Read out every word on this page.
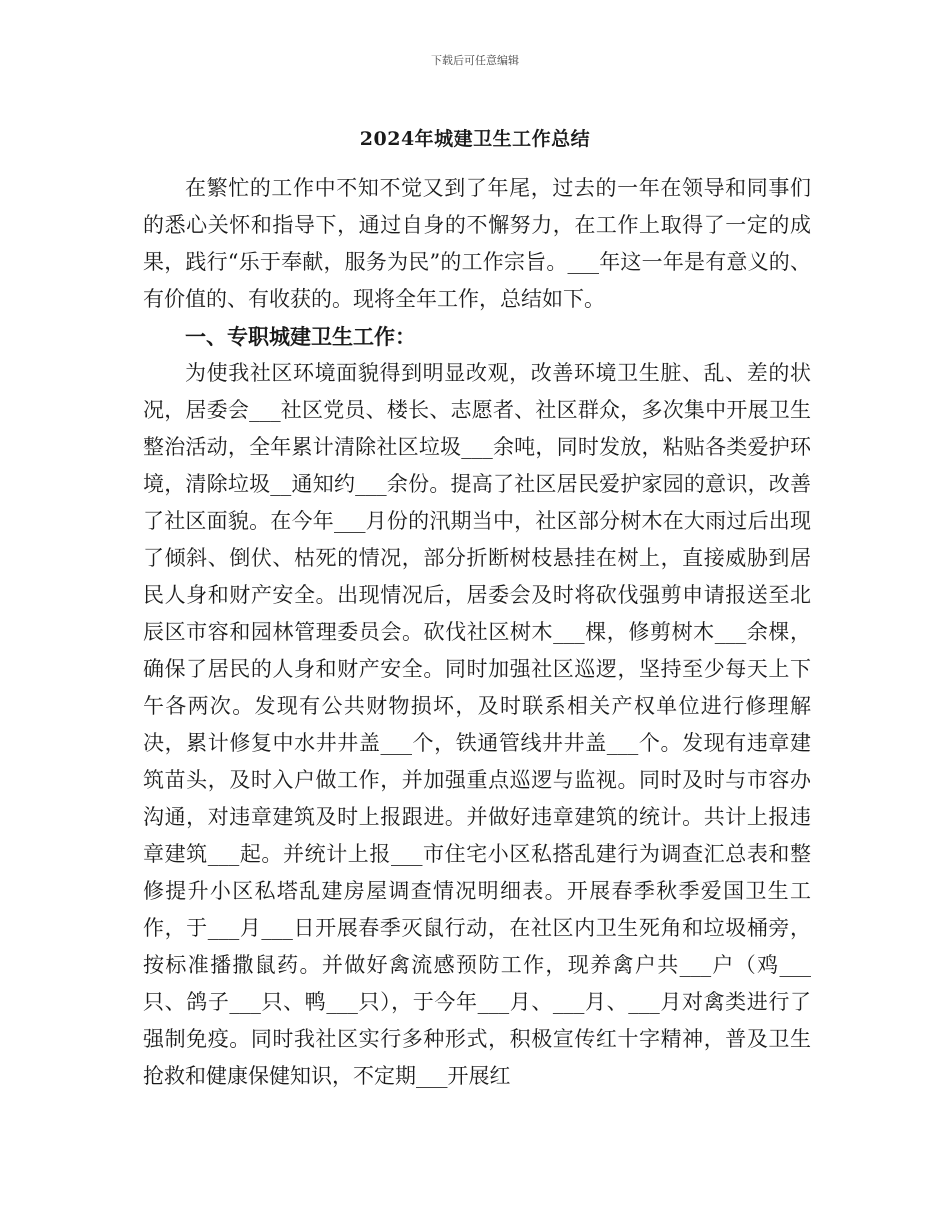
下载后可任意编辑
2024年城建卫生工作总结

在繁忙的工作中不知不觉又到了年尾，过去的一年在领导和同事们的悉心关怀和指导下，通过自身的不懈努力，在工作上取得了一定的成果，践行“乐于奉献，服务为民”的工作宗旨。___年这一年是有意义的、有价值的、有收获的。现将全年工作，总结如下。

一、专职城建卫生工作：

为使我社区环境面貌得到明显改观，改善环境卫生脏、乱、差的状况，居委会___社区党员、楼长、志愿者、社区群众，多次集中开展卫生整治活动，全年累计清除社区垃圾___余吨，同时发放，粘贴各类爱护环境，清除垃圾__通知约___余份。提高了社区居民爱护家园的意识，改善了社区面貌。在今年___月份的汛期当中，社区部分树木在大雨过后出现了倾斜、倒伏、枯死的情况，部分折断树枝悬挂在树上，直接威胁到居民人身和财产安全。出现情况后，居委会及时将砍伐强剪申请报送至北辰区市容和园林管理委员会。砍伐社区树木___棵，修剪树木___余棵，确保了居民的人身和财产安全。同时加强社区巡逻，坚持至少每天上下午各两次。发现有公共财物损坏，及时联系相关产权单位进行修理解决，累计修复中水井井盖___个，铁通管线井井盖___个。发现有违章建筑苗头，及时入户做工作，并加强重点巡逻与监视。同时及时与市容办沟通，对违章建筑及时上报跟进。并做好违章建筑的统计。共计上报违章建筑___起。并统计上报___市住宅小区私搭乱建行为调查汇总表和整修提升小区私塔乱建房屋调查情况明细表。开展春季秋季爱国卫生工作，于___月___日开展春季灭鼠行动，在社区内卫生死角和垃圾桶旁，按标准播撒鼠药。并做好禽流感预防工作，现养禽户共___户（鸡___只、鸽子___只、鸭___只），于今年___月、___月、___月对禽类进行了强制免疫。同时我社区实行多种形式，积极宣传红十字精神，普及卫生抢救和健康保健知识，不定期___开展红
